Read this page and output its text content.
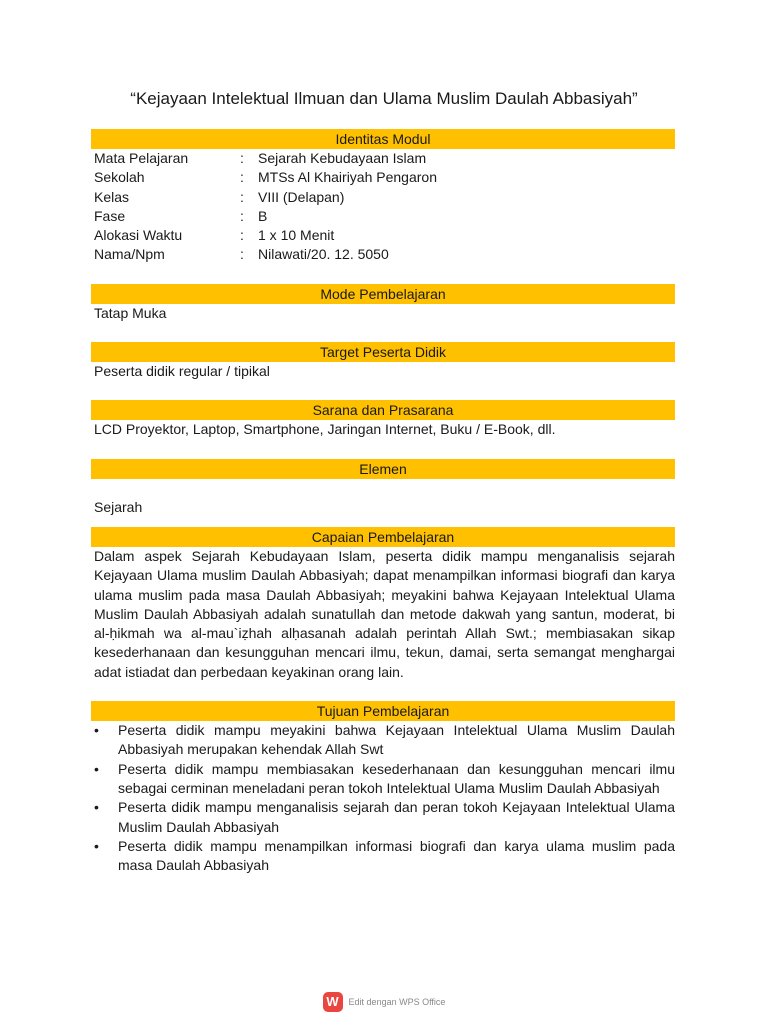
“Kejayaan Intelektual Ilmuan dan Ulama Muslim Daulah Abbasiyah”
Identitas Modul
Mata Pelajaran	:	Sejarah Kebudayaan Islam
Sekolah	:	MTSs Al Khairiyah Pengaron
Kelas	:	VIII (Delapan)
Fase	:	B
Alokasi Waktu	:	1 x 10 Menit
Nama/Npm	:	Nilawati/20. 12. 5050
Mode Pembelajaran
Tatap Muka
Target Peserta Didik
Peserta didik regular / tipikal
Sarana dan Prasarana
LCD Proyektor, Laptop, Smartphone, Jaringan Internet, Buku / E-Book, dll.
Elemen
Sejarah
Capaian Pembelajaran
Dalam aspek Sejarah Kebudayaan Islam, peserta didik mampu menganalisis sejarah Kejayaan Ulama muslim Daulah Abbasiyah; dapat menampilkan informasi biografi dan karya ulama muslim pada masa Daulah Abbasiyah; meyakini bahwa Kejayaan Intelektual Ulama Muslim Daulah Abbasiyah adalah sunatullah dan metode dakwah yang santun, moderat, bi al-ḥikmah wa al-mau`iẓhah alḥasanah adalah perintah Allah Swt.; membiasakan sikap kesederhanaan dan kesungguhan mencari ilmu, tekun, damai, serta semangat menghargai adat istiadat dan perbedaan keyakinan orang lain.
Tujuan Pembelajaran
•	Peserta didik mampu meyakini bahwa Kejayaan Intelektual Ulama Muslim Daulah Abbasiyah merupakan kehendak Allah Swt
•	Peserta didik mampu membiasakan kesederhanaan dan kesungguhan mencari ilmu sebagai cerminan meneladani peran tokoh Intelektual Ulama Muslim Daulah Abbasiyah
•	Peserta didik mampu menganalisis sejarah dan peran tokoh Kejayaan Intelektual Ulama Muslim Daulah Abbasiyah
•	Peserta didik mampu menampilkan informasi biografi dan karya ulama muslim pada masa Daulah Abbasiyah
W	Edit dengan WPS Office
